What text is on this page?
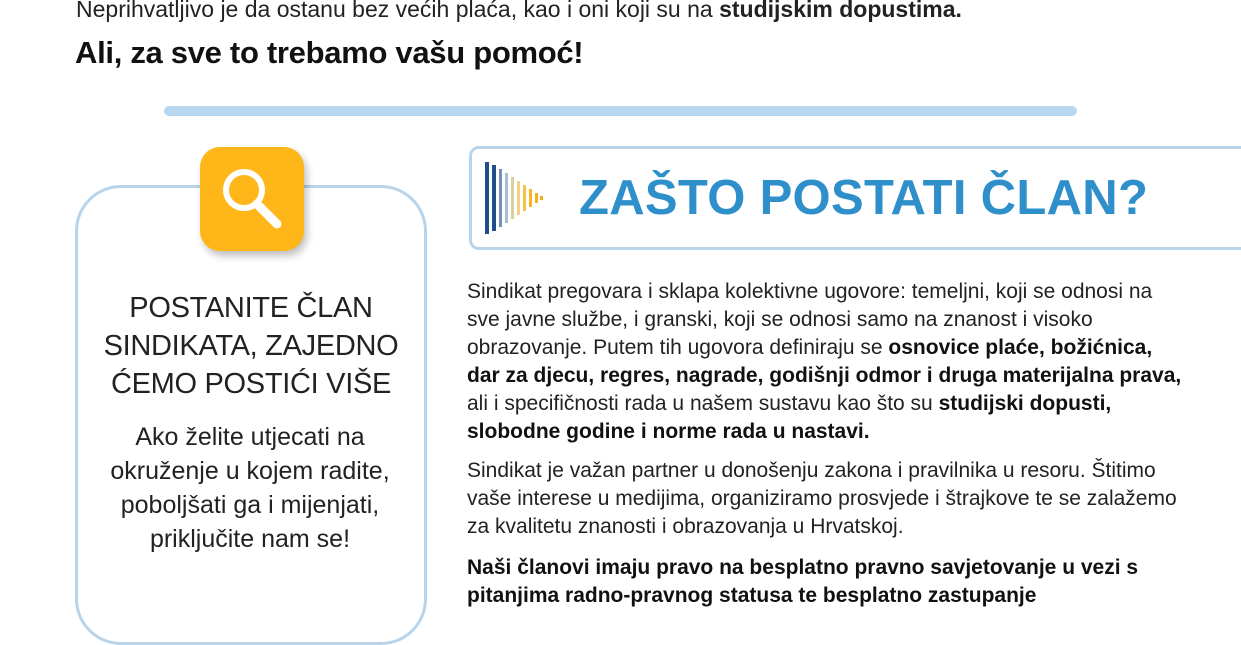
Neprihvatljivo je da ostanu bez većih plaća, kao i oni koji su na studijskim dopustima.

Ali, za sve to trebamo vašu pomoć!
POSTANITE ČLAN SINDIKATA, ZAJEDNO ĆEMO POSTIĆI VIŠE

Ako želite utjecati na okruženje u kojem radite, poboljšati ga i mijenjati, priključite nam se!

ZAŠTO POSTATI ČLAN?

Sindikat pregovara i sklapa kolektivne ugovore: temeljni, koji se odnosi na sve javne službe, i granski, koji se odnosi samo na znanost i visoko obrazovanje. Putem tih ugovora definiraju se osnovice plaće, božićnica, dar za djecu, regres, nagrade, godišnji odmor i druga materijalna prava, ali i specifičnosti rada u našem sustavu kao što su studijski dopusti, slobodne godine i norme rada u nastavi.

Sindikat je važan partner u donošenju zakona i pravilnika u resoru. Štitimo vaše interese u medijima, organiziramo prosvjede i štrajkove te se zalažemo za kvalitetu znanosti i obrazovanja u Hrvatskoj.

Naši članovi imaju pravo na besplatno pravno savjetovanje u vezi s pitanjima radno-pravnog statusa te besplatno zastupanje
